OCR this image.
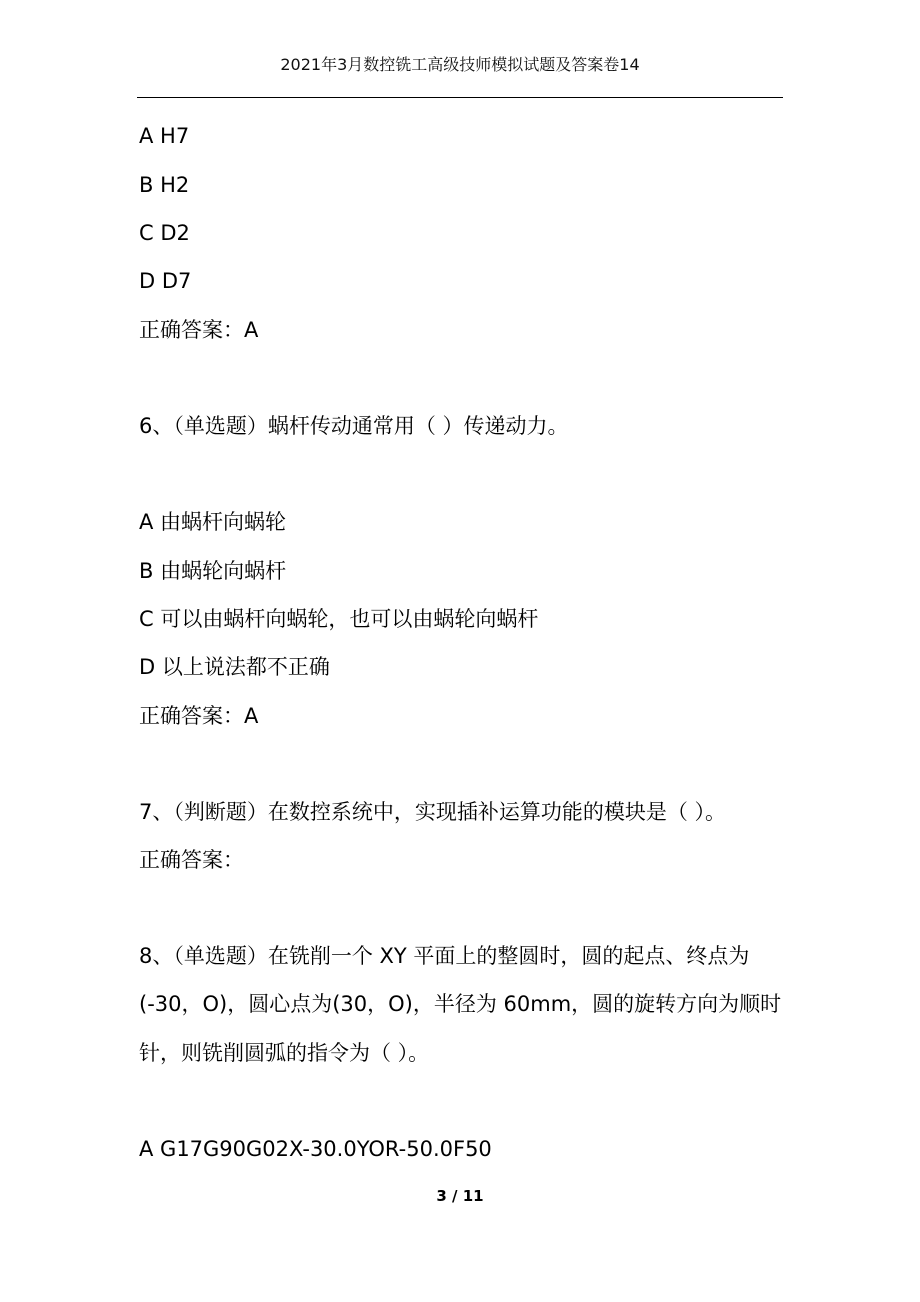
2021年3月数控铣工高级技师模拟试题及答案卷14
A H7
B H2
C D2
D D7
正确答案：A
6、（单选题）蜗杆传动通常用（ ）传递动力。
A 由蜗杆向蜗轮
B 由蜗轮向蜗杆
C 可以由蜗杆向蜗轮，也可以由蜗轮向蜗杆
D 以上说法都不正确
正确答案：A
7、（判断题）在数控系统中，实现插补运算功能的模块是（ ）。
正确答案：
8、（单选题）在铣削一个 XY 平面上的整圆时，圆的起点、终点为
(-30，O)，圆心点为(30，O)，半径为 60mm，圆的旋转方向为顺时
针，则铣削圆弧的指令为（ ）。
A G17G90G02X-30.0YOR-50.0F50
3 / 11
